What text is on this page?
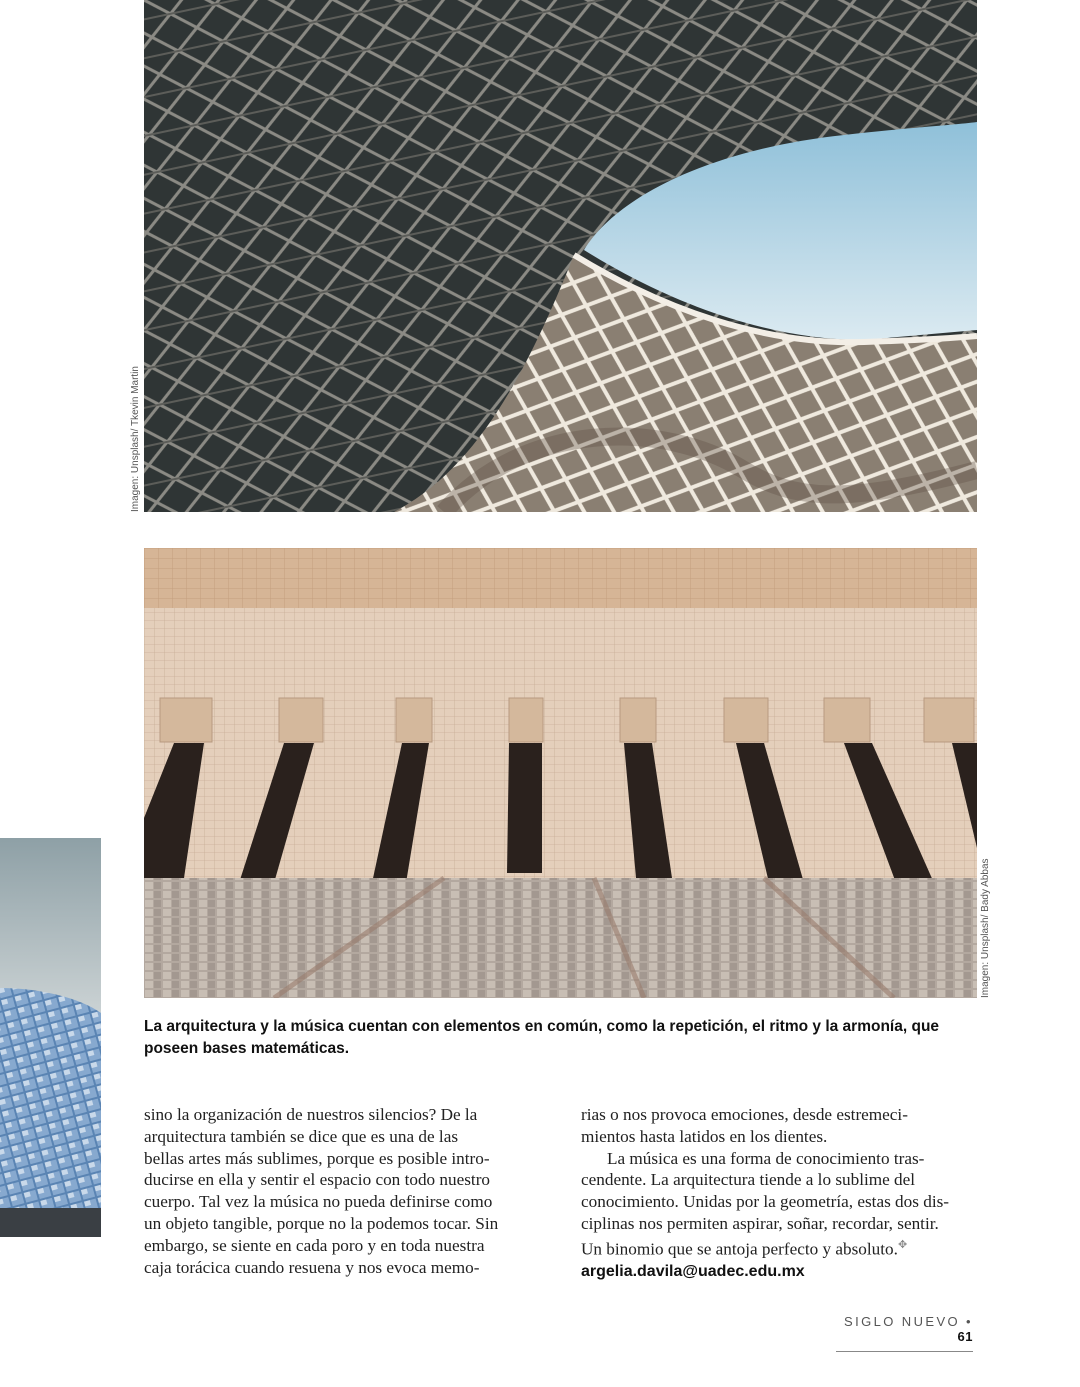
Imagen: Unsplash/ Tkevin Martin
Imagen: Unsplash/ Bady Abbas
La arquitectura y la música cuentan con elementos en común, como la repetición, el ritmo y la armonía, que poseen bases matemáticas.

sino la organización de nuestros silencios? De la
arquitectura también se dice que es una de las
bellas artes más sublimes, porque es posible intro-
ducirse en ella y sentir el espacio con todo nuestro
cuerpo. Tal vez la música no pueda definirse como
un objeto tangible, porque no la podemos tocar. Sin
embargo, se siente en cada poro y en toda nuestra
caja torácica cuando resuena y nos evoca memo-

rias o nos provoca emociones, desde estremeci-
mientos hasta latidos en los dientes.

La música es una forma de conocimiento tras-
cendente. La arquitectura tiende a lo sublime del
conocimiento. Unidas por la geometría, estas dos dis-
ciplinas nos permiten aspirar, soñar, recordar, sentir.
Un binomio que se antoja perfecto y absoluto.✥

argelia.davila@uadec.edu.mx
SIGLO NUEVO • 61
